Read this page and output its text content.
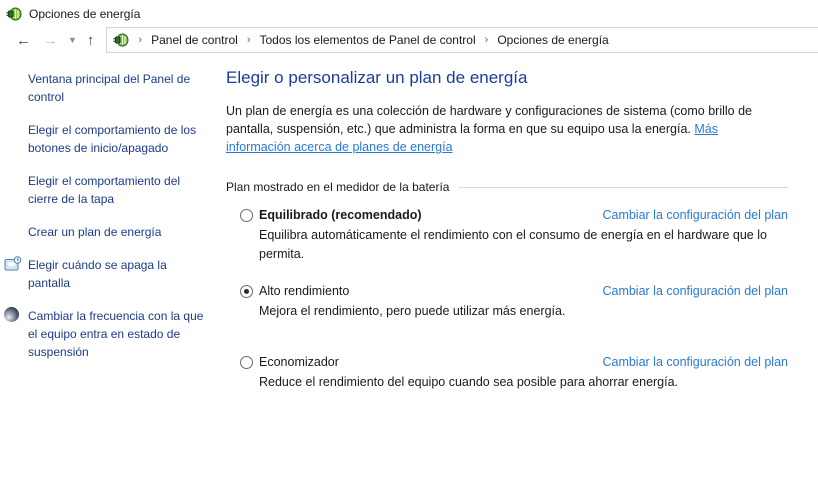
Opciones de energía
← →	▼ ↑	› Panel de control › Todos los elementos de Panel de control › Opciones de energía
Ventana principal del Panel de control
Elegir el comportamiento de los botones de inicio/apagado
Elegir el comportamiento del cierre de la tapa
Crear un plan de energía
Elegir cuándo se apaga la pantalla
Cambiar la frecuencia con la que el equipo entra en estado de suspensión
Elegir o personalizar un plan de energía

Un plan de energía es una colección de hardware y configuraciones de sistema (como brillo de pantalla, suspensión, etc.) que administra la forma en que su equipo usa la energía. Más información acerca de planes de energía

Plan mostrado en el medidor de la batería
Equilibrado (recomendado)	Cambiar la configuración del plan
Equilibra automáticamente el rendimiento con el consumo de energía en el hardware que lo permita.
Alto rendimiento	Cambiar la configuración del plan
Mejora el rendimiento, pero puede utilizar más energía.
Economizador	Cambiar la configuración del plan
Reduce el rendimiento del equipo cuando sea posible para ahorrar energía.
